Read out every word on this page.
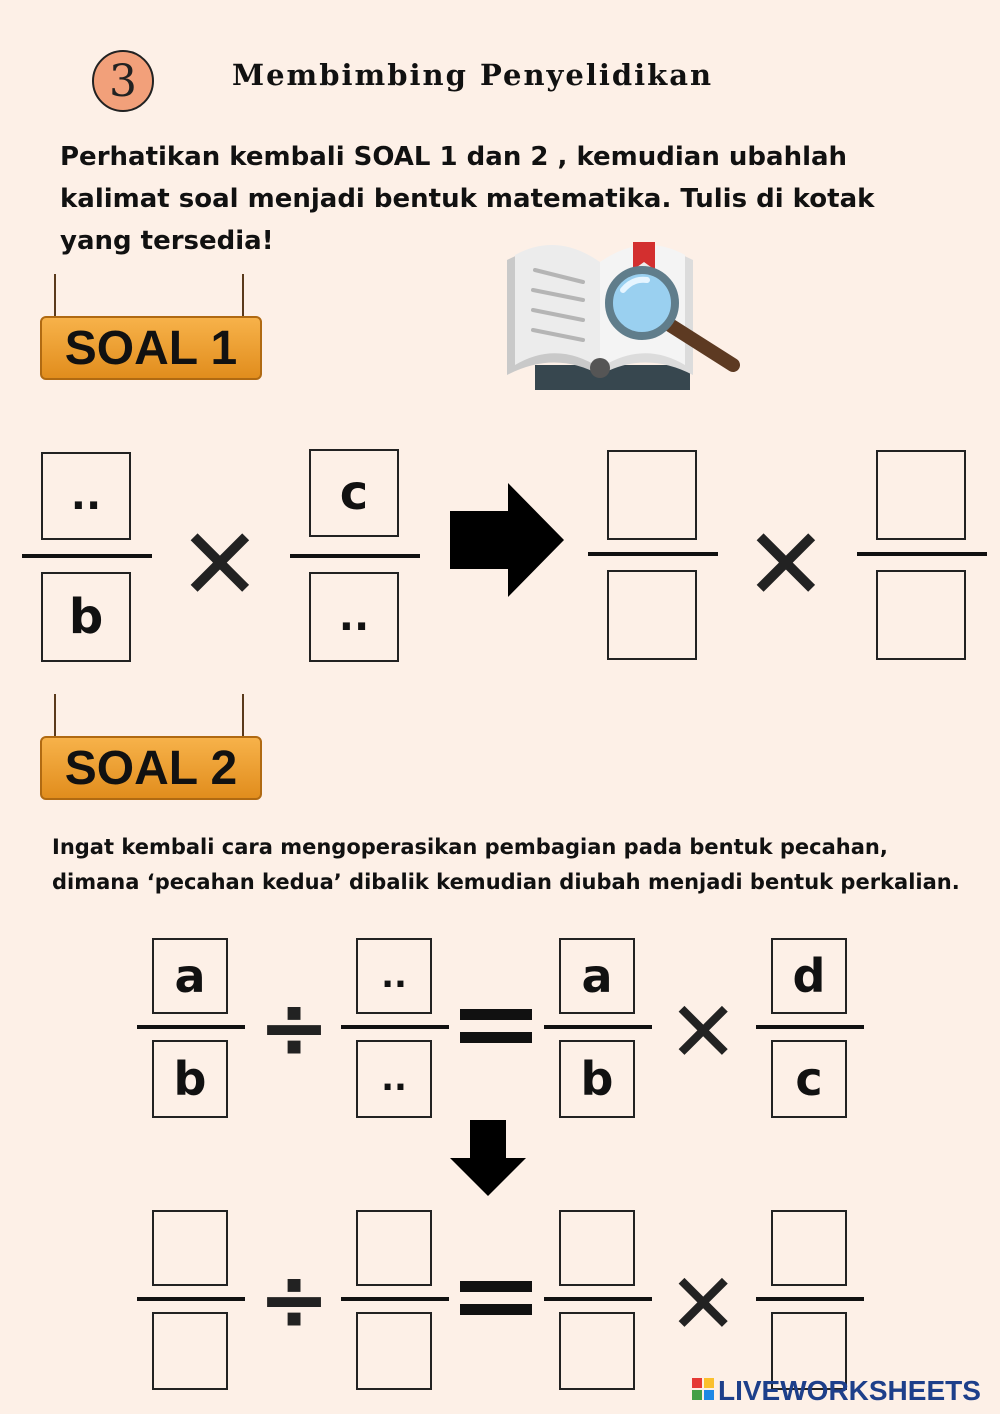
3	Membimbing Penyelidikan
Perhatikan kembali SOAL 1 dan 2 , kemudian ubahlah kalimat soal menjadi bentuk matematika. Tulis di kotak yang tersedia!
SOAL 1
..
b ✕
c
..	✕
SOAL 2
Ingat kembali cara mengoperasikan pembagian pada bentuk pecahan, dimana ‘pecahan kedua’ dibalik kemudian diubah menjadi bentuk perkalian.
a
b
÷
..
..
a
b ✕
d
c
÷	✕
LIVEWORKSHEETS
